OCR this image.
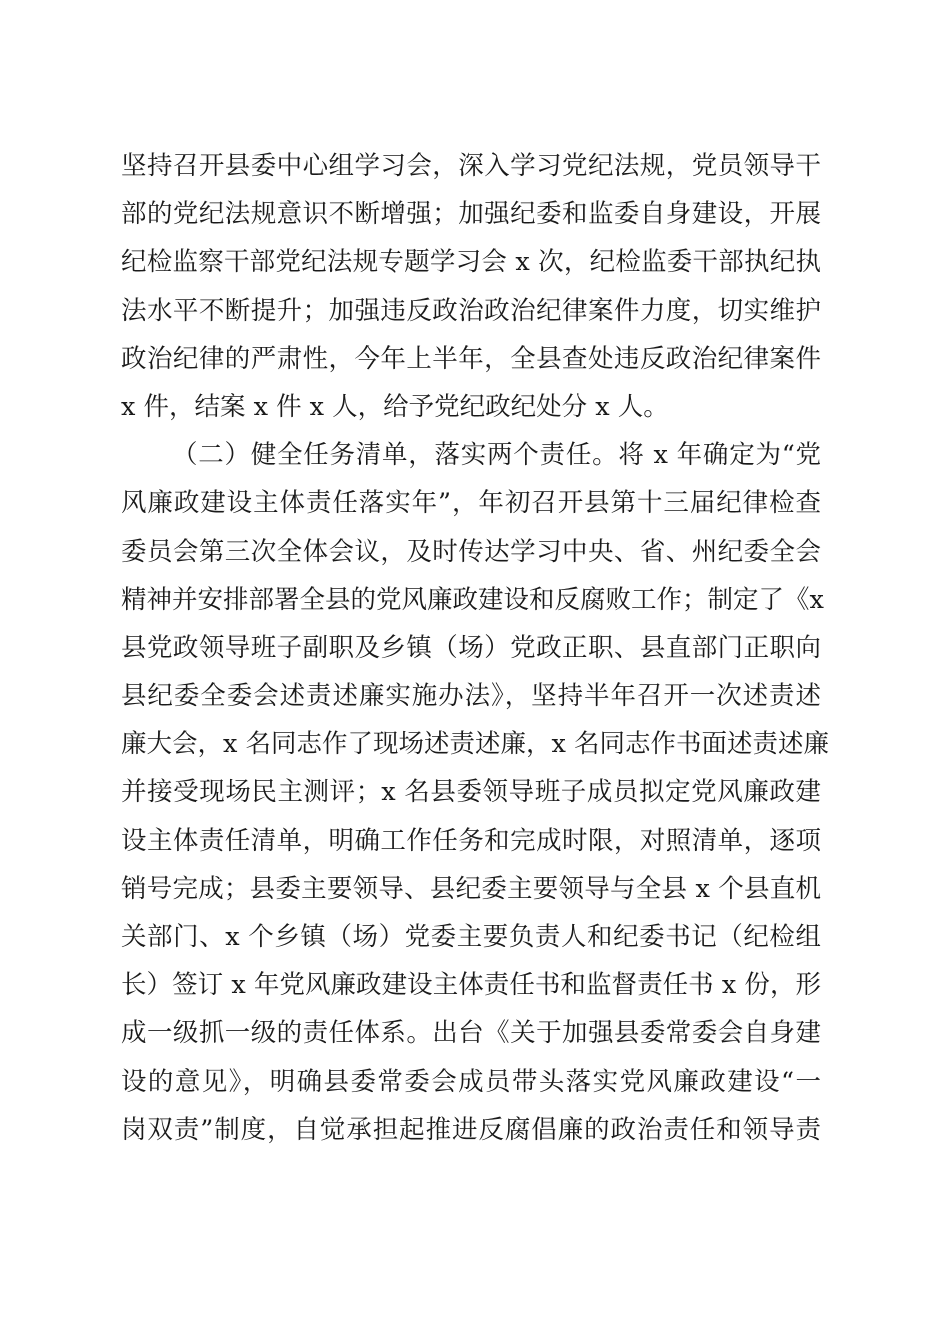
坚持召开县委中心组学习会，深入学习党纪法规，党员领导干
部的党纪法规意识不断增强；加强纪委和监委自身建设，开展
纪检监察干部党纪法规专题学习会 x 次，纪检监委干部执纪执
法水平不断提升；加强违反政治政治纪律案件力度，切实维护
政治纪律的严肃性，今年上半年，全县查处违反政治纪律案件
x 件，结案 x 件 x 人，给予党纪政纪处分 x 人。
（二）健全任务清单，落实两个责任。将 x 年确定为“党
风廉政建设主体责任落实年”，年初召开县第十三届纪律检查
委员会第三次全体会议，及时传达学习中央、省、州纪委全会
精神并安排部署全县的党风廉政建设和反腐败工作；制定了《x
县党政领导班子副职及乡镇（场）党政正职、县直部门正职向
县纪委全委会述责述廉实施办法》，坚持半年召开一次述责述
廉大会，x 名同志作了现场述责述廉，x 名同志作书面述责述廉
并接受现场民主测评；x 名县委领导班子成员拟定党风廉政建
设主体责任清单，明确工作任务和完成时限，对照清单，逐项
销号完成；县委主要领导、县纪委主要领导与全县 x 个县直机
关部门、x 个乡镇（场）党委主要负责人和纪委书记（纪检组
长）签订 x 年党风廉政建设主体责任书和监督责任书 x 份，形
成一级抓一级的责任体系。出台《关于加强县委常委会自身建
设的意见》，明确县委常委会成员带头落实党风廉政建设“一
岗双责”制度，自觉承担起推进反腐倡廉的政治责任和领导责
